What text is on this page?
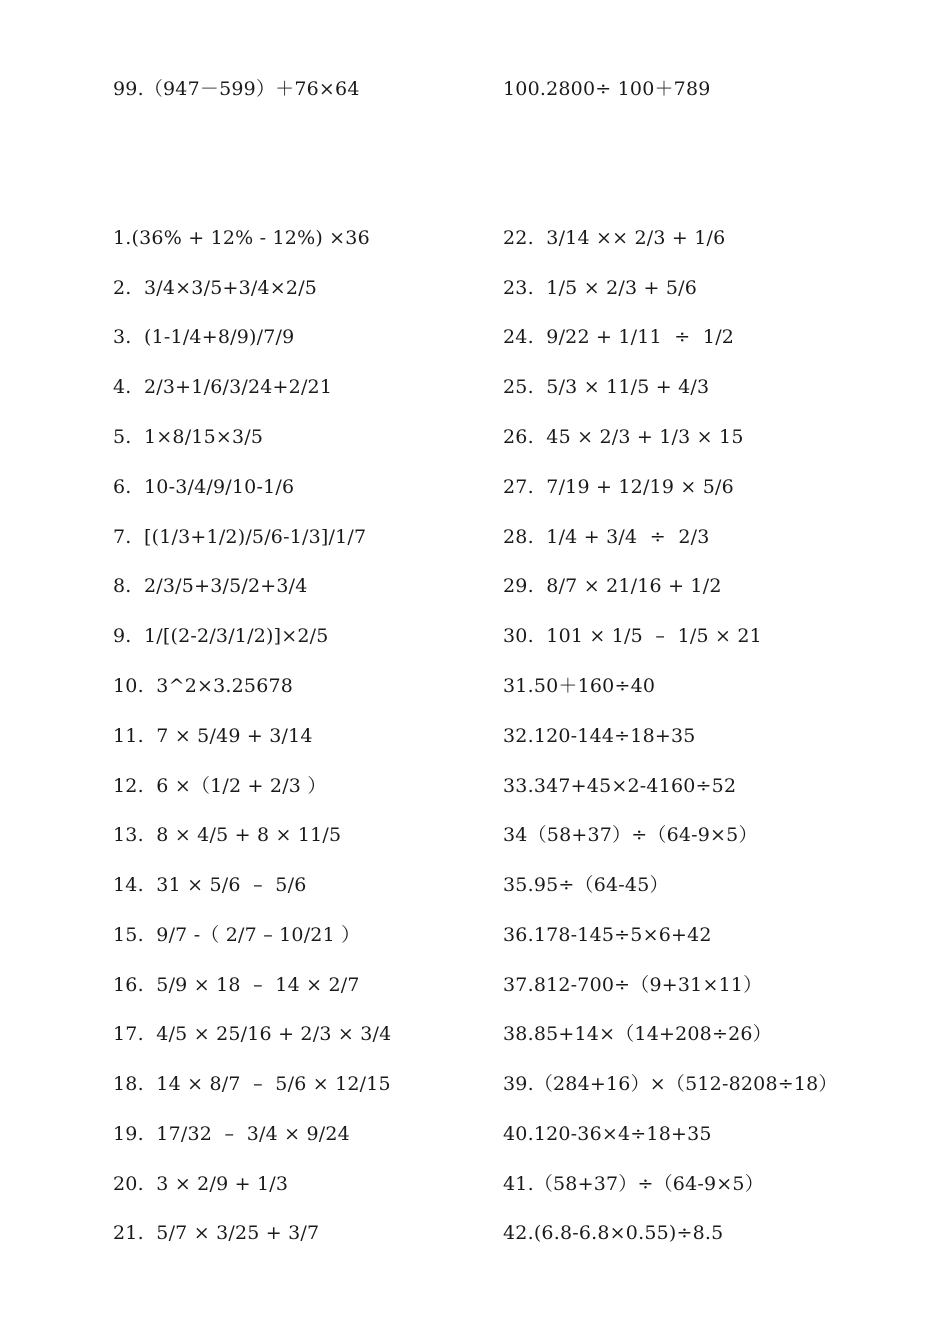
99.（947－599）＋76×64	100.2800÷ 100＋789
1.(36% + 12% - 12%) ×36	22.  3/14 ×× 2/3 + 1/6
2.  3/4×3/5+3/4×2/5	23.  1/5 × 2/3 + 5/6
3.  (1-1/4+8/9)/7/9	24.  9/22 + 1/11  ÷  1/2
4.  2/3+1/6/3/24+2/21	25.  5/3 × 11/5 + 4/3
5.  1×8/15×3/5	26.  45 × 2/3 + 1/3 × 15
6.  10-3/4/9/10-1/6	27.  7/19 + 12/19 × 5/6
7.  [(1/3+1/2)/5/6-1/3]/1/7	28.  1/4 + 3/4  ÷  2/3
8.  2/3/5+3/5/2+3/4	29.  8/7 × 21/16 + 1/2
9.  1/[(2-2/3/1/2)]×2/5	30.  101 × 1/5  –  1/5 × 21
10.  3^2×3.25678	31.50＋160÷40
11.  7 × 5/49 + 3/14	32.120-144÷18+35
12.  6 ×（1/2 + 2/3 ）	33.347+45×2-4160÷52
13.  8 × 4/5 + 8 × 11/5	34（58+37）÷（64-9×5）
14.  31 × 5/6  –  5/6	35.95÷（64-45）
15.  9/7 -（ 2/7 – 10/21 ）	36.178-145÷5×6+42
16.  5/9 × 18  –  14 × 2/7	37.812-700÷（9+31×11）
17.  4/5 × 25/16 + 2/3 × 3/4	38.85+14×（14+208÷26）
18.  14 × 8/7  –  5/6 × 12/15	39.（284+16）×（512-8208÷18）
19.  17/32  –  3/4 × 9/24	40.120-36×4÷18+35
20.  3 × 2/9 + 1/3	41.（58+37）÷（64-9×5）
21.  5/7 × 3/25 + 3/7	42.(6.8-6.8×0.55)÷8.5
